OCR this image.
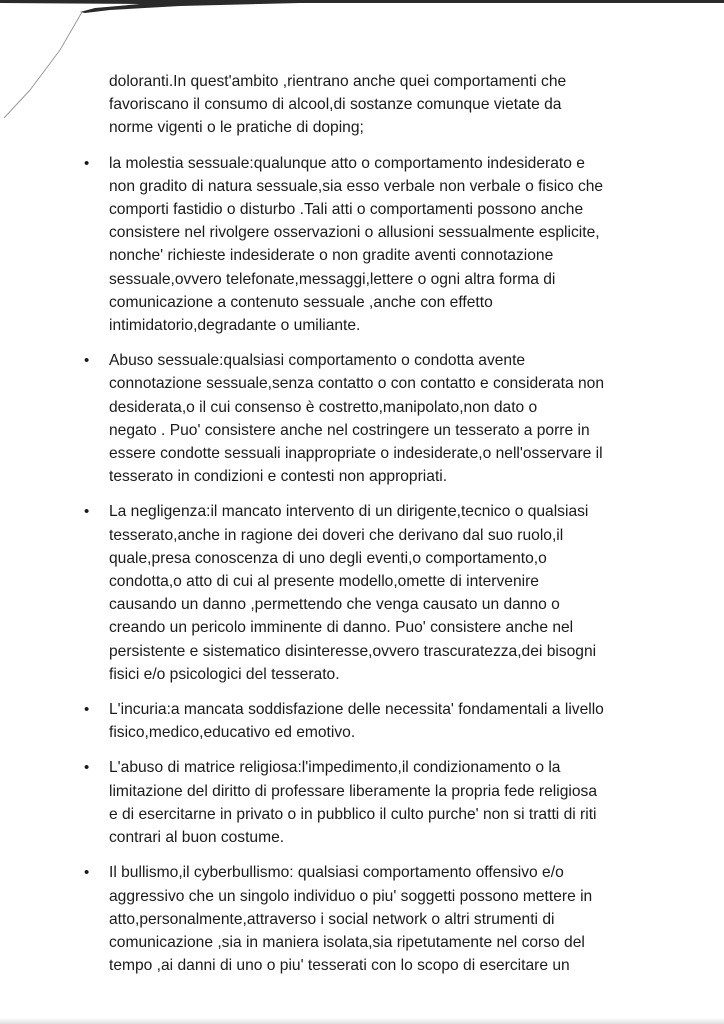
doloranti.In quest'ambito ,rientrano anche quei comportamenti che
favoriscano il consumo di alcool,di sostanze comunque vietate da
norme vigenti o le pratiche di doping;
•	la molestia sessuale:qualunque atto o comportamento indesiderato e
non gradito di natura sessuale,sia esso verbale non verbale o fisico che
comporti fastidio o disturbo .Tali atti o comportamenti possono anche
consistere nel rivolgere osservazioni o allusioni sessualmente esplicite,
nonche' richieste indesiderate o non gradite aventi connotazione
sessuale,ovvero telefonate,messaggi,lettere o ogni altra forma di
comunicazione a contenuto sessuale ,anche con effetto
intimidatorio,degradante o umiliante.
•	Abuso sessuale:qualsiasi comportamento o condotta avente
connotazione sessuale,senza contatto o con contatto e considerata non
desiderata,o il cui consenso è costretto,manipolato,non dato o
negato . Puo' consistere anche nel costringere un tesserato a porre in
essere condotte sessuali inappropriate o indesiderate,o nell'osservare il
tesserato in condizioni e contesti non appropriati.
•	La negligenza:il mancato intervento di un dirigente,tecnico o qualsiasi
tesserato,anche in ragione dei doveri che derivano dal suo ruolo,il
quale,presa conoscenza di uno degli eventi,o comportamento,o
condotta,o atto di cui al presente modello,omette di intervenire
causando un danno ,permettendo che venga causato un danno o
creando un pericolo imminente di danno. Puo' consistere anche nel
persistente e sistematico disinteresse,ovvero trascuratezza,dei bisogni
fisici e/o psicologici del tesserato.
•	L'incuria:a mancata soddisfazione delle necessita' fondamentali a livello
fisico,medico,educativo ed emotivo.
•	L'abuso di matrice religiosa:l'impedimento,il condizionamento o la
limitazione del diritto di professare liberamente la propria fede religiosa
e di esercitarne in privato o in pubblico il culto purche' non si tratti di riti
contrari al buon costume.
•	Il bullismo,il cyberbullismo: qualsiasi comportamento offensivo e/o
aggressivo che un singolo individuo o piu' soggetti possono mettere in
atto,personalmente,attraverso i social network o altri strumenti di
comunicazione ,sia in maniera isolata,sia ripetutamente nel corso del
tempo ,ai danni di uno o piu' tesserati con lo scopo di esercitare un
